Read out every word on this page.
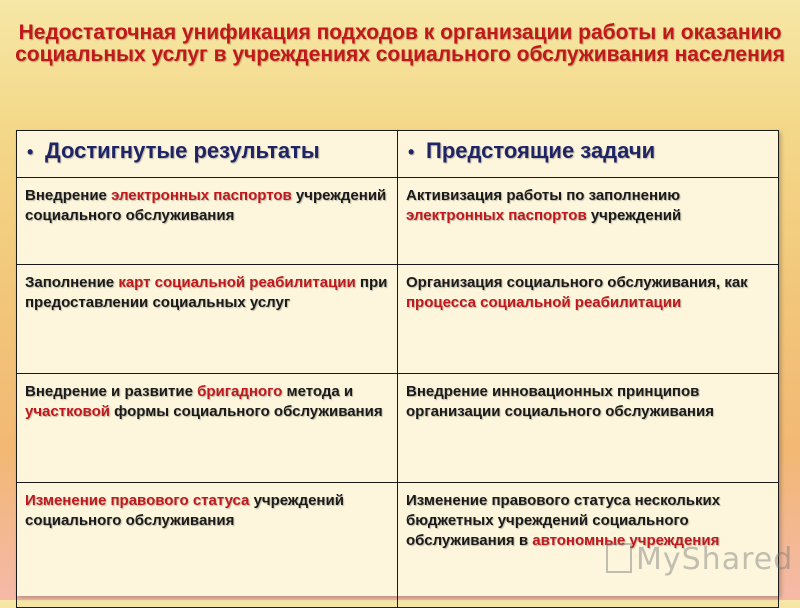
Недостаточная унификация подходов к организации работы и оказанию социальных услуг в учреждениях социального обслуживания населения
• Достигнутые результаты	• Предстоящие задачи
Внедрение электронных паспортов учреждений социального обслуживания	Активизация работы по заполнению электронных паспортов учреждений
Заполнение карт социальной реабилитации при предоставлении социальных услуг	Организация социального обслуживания, как процесса социальной реабилитации
Внедрение и развитие бригадного метода и участковой формы социального обслуживания	Внедрение инновационных принципов организации социального обслуживания
Изменение правового статуса учреждений социального обслуживания	Изменение правового статуса нескольких бюджетных учреждений социального обслуживания в автономные учреждения
MyShared
